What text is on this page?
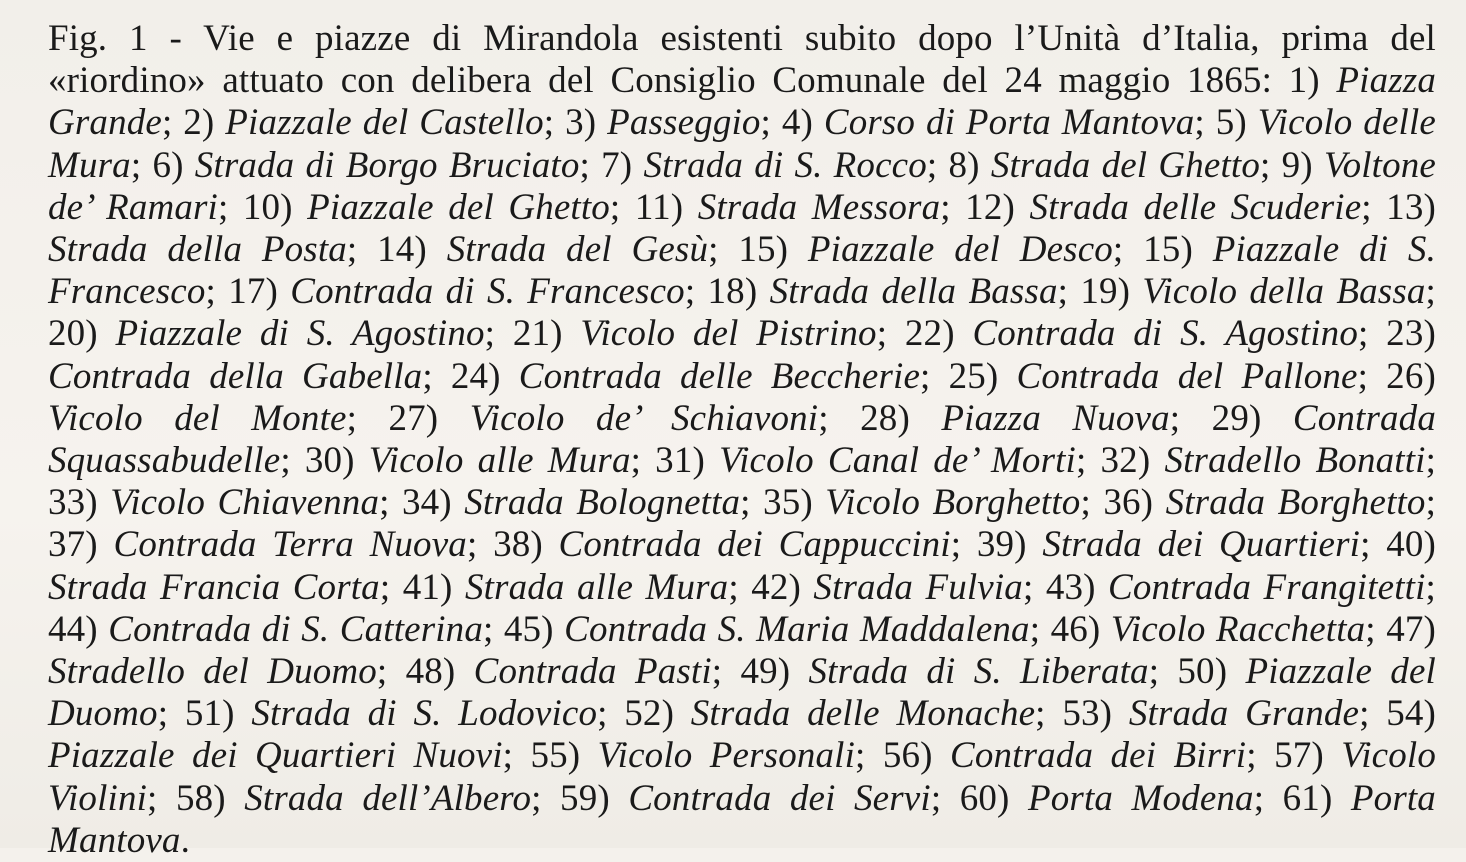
Fig. 1 - Vie e piazze di Mirandola esistenti subito dopo l’Unità d’Italia, prima del «riordino» attuato con delibera del Consiglio Comunale del 24 maggio 1865: 1) Piazza Grande; 2) Piazzale del Castello; 3) Passeggio; 4) Corso di Porta Mantova; 5) Vicolo delle Mura; 6) Strada di Borgo Bruciato; 7) Strada di S. Rocco; 8) Strada del Ghetto; 9) Voltone de’ Ramari; 10) Piazzale del Ghetto; 11) Strada Messora; 12) Strada delle Scuderie; 13) Strada della Posta; 14) Strada del Gesù; 15) Piazzale del Desco; 15) Piazzale di S. Francesco; 17) Contrada di S. Francesco; 18) Strada della Bassa; 19) Vicolo della Bassa; 20) Piazzale di S. Agostino; 21) Vicolo del Pistrino; 22) Contrada di S. Agostino; 23) Contrada della Gabella; 24) Contrada delle Beccherie; 25) Contrada del Pallone; 26) Vicolo del Monte; 27) Vicolo de’ Schiavoni; 28) Piazza Nuova; 29) Contrada Squassabudelle; 30) Vicolo alle Mura; 31) Vicolo Canal de’ Morti; 32) Stradello Bonatti; 33) Vicolo Chiavenna; 34) Strada Bolognetta; 35) Vicolo Borghetto; 36) Strada Borghetto; 37) Contrada Terra Nuova; 38) Contrada dei Cappuccini; 39) Strada dei Quartieri; 40) Strada Francia Corta; 41) Strada alle Mura; 42) Strada Fulvia; 43) Contrada Frangitetti; 44) Contrada di S. Catterina; 45) Contrada S. Maria Maddalena; 46) Vicolo Racchetta; 47) Stradello del Duomo; 48) Contrada Pasti; 49) Strada di S. Liberata; 50) Piazzale del Duomo; 51) Strada di S. Lodovico; 52) Strada delle Monache; 53) Strada Grande; 54) Piazzale dei Quartieri Nuovi; 55) Vicolo Personali; 56) Contrada dei Birri; 57) Vicolo Violini; 58) Strada dell’Albero; 59) Contrada dei Servi; 60) Porta Modena; 61) Porta Mantova.
